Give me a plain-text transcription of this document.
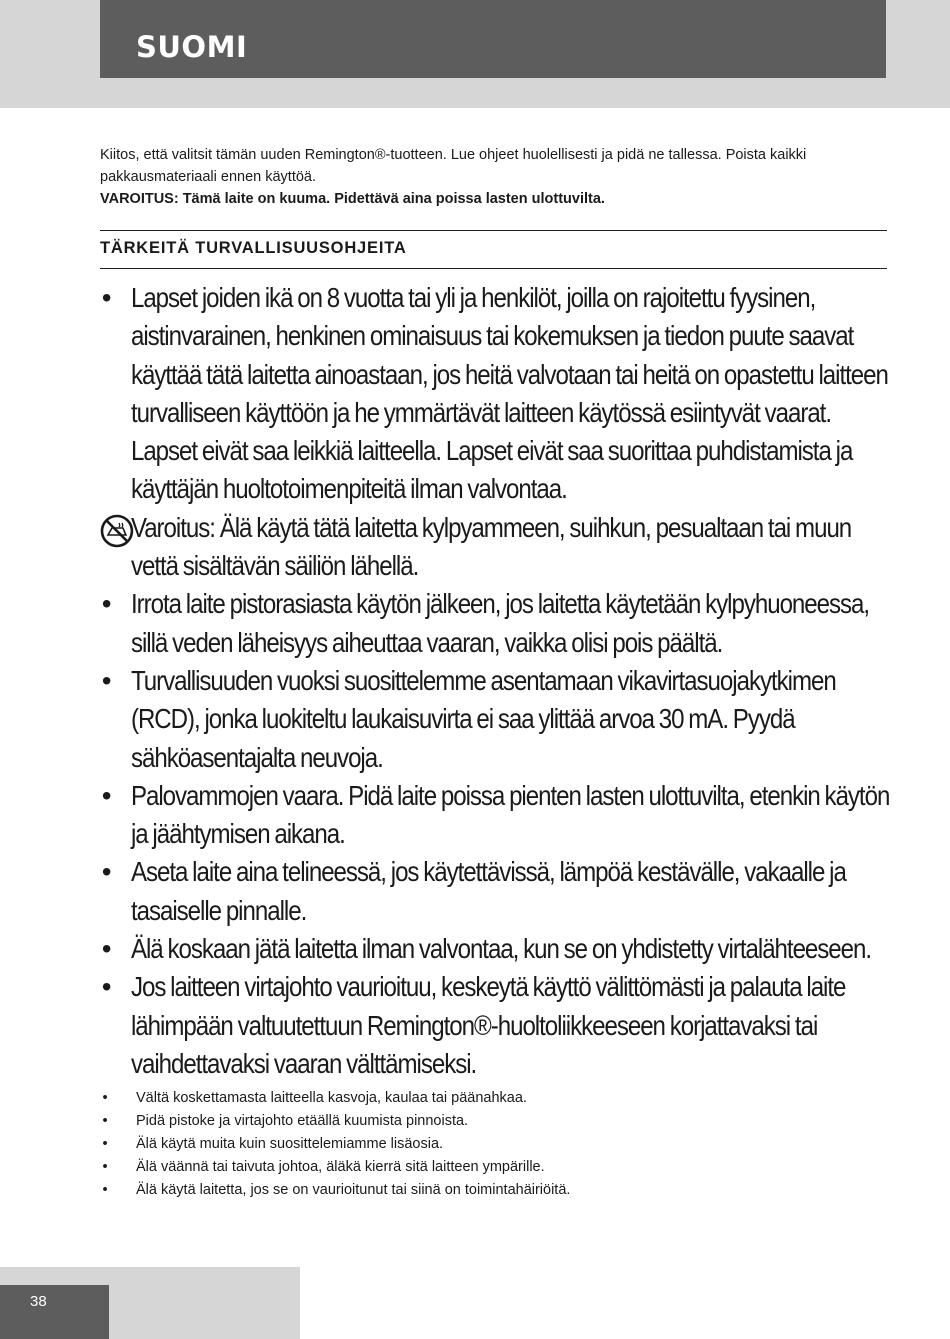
SUOMI

Kiitos, että valitsit tämän uuden Remington®-tuotteen. Lue ohjeet huolellisesti ja pidä ne tallessa. Poista kaikki pakkausmateriaali ennen käyttöä.

VAROITUS: Tämä laite on kuuma. Pidettävä aina poissa lasten ulottuvilta.

TÄRKEITÄ TURVALLISUUSOHJEITA
• Lapset joiden ikä on 8 vuotta tai yli ja henkilöt, joilla on rajoitettu fyysinen, aistinvarainen, henkinen ominaisuus tai kokemuksen ja tiedon puute saavat käyttää tätä laitetta ainoastaan, jos heitä valvotaan tai heitä on opastettu laitteen turvalliseen käyttöön ja he ymmärtävät laitteen käytössä esiintyvät vaarat. Lapset eivät saa leikkiä laitteella. Lapset eivät saa suorittaa puhdistamista ja käyttäjän huoltotoimenpiteitä ilman valvontaa.
Varoitus: Älä käytä tätä laitetta kylpyammeen, suihkun, pesualtaan tai muun vettä sisältävän säiliön lähellä.
• Irrota laite pistorasiasta käytön jälkeen, jos laitetta käytetään kylpyhuoneessa, sillä veden läheisyys aiheuttaa vaaran, vaikka olisi pois päältä.
• Turvallisuuden vuoksi suosittelemme asentamaan vikavirtasuojakytkimen (RCD), jonka luokiteltu laukaisuvirta ei saa ylittää arvoa 30 mA. Pyydä sähköasentajalta neuvoja.
• Palovammojen vaara. Pidä laite poissa pienten lasten ulottuvilta, etenkin käytön ja jäähtymisen aikana.
• Aseta laite aina telineessä, jos käytettävissä, lämpöä kestävälle, vakaalle ja tasaiselle pinnalle.
• Älä koskaan jätä laitetta ilman valvontaa, kun se on yhdistetty virtalähteeseen.
• Jos laitteen virtajohto vaurioituu, keskeytä käyttö välittömästi ja palauta laite lähimpään valtuutettuun Remington®-huoltoliikkeeseen korjattavaksi tai vaihdettavaksi vaaran välttämiseksi.
• Vältä koskettamasta laitteella kasvoja, kaulaa tai päänahkaa.
• Pidä pistoke ja virtajohto etäällä kuumista pinnoista.
• Älä käytä muita kuin suosittelemiamme lisäosia.
• Älä väännä tai taivuta johtoa, äläkä kierrä sitä laitteen ympärille.
• Älä käytä laitetta, jos se on vaurioitunut tai siinä on toimintahäiriöitä.
38
